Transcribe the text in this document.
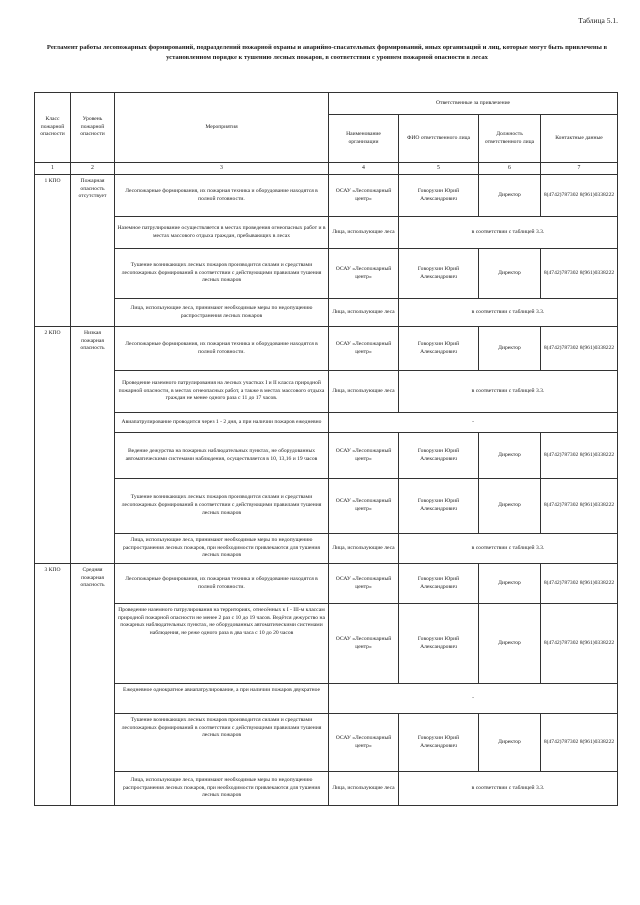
Таблица 5.1.
Регламент работы лесопожарных формирований, подразделений пожарной охраны и аварийно-спасательных формирований, иных организаций и лиц, которые могут быть привлечены в установленном порядке к тушению лесных пожаров, в соответствии с уровнем пожарной опасности в лесах
Класс пожарной опасности	Уровень пожарной опасности	Мероприятия	Ответственные за привлечение			
			Наименование организации	ФИО ответственного лица	Должность ответственного лица	Контактные данные
1	2	3	4	5	6	7
1 КПО	Пожарная опасность отсутствует	Лесопожарные формирования, их пожарная техника и оборудование находятся в полной готовности.	ОСАУ «Лесопожарный центр»	Говорухин Юрий Александрович	Директор	8(4742)787302 8(961)0338222
		Наземное патрулирование осуществляется в местах проведения огнеопасных работ и в местах массового отдыха граждан, пребывающих в лесах	Лица, использующие леса	в соответствии с таблицей 3.3.		
		Тушение возникающих лесных пожаров производится силами и средствами лесопожарных формирований в соответствии с действующими правилами тушения лесных пожаров	ОСАУ «Лесопожарный центр»	Говорухин Юрий Александрович	Директор	8(4742)787302 8(961)0338222
		Лица, использующие леса, принимают необходимые меры по недопущению распространения лесных пожаров	Лица, использующие леса	в соответствии с таблицей 3.3.		
2 КПО	Низкая пожарная опасность	Лесопожарные формирования, их пожарная техника и оборудование находятся в полной готовности.	ОСАУ «Лесопожарный центр»	Говорухин Юрий Александрович	Директор	8(4742)787302 8(961)0338222
		Проведение наземного патрулирования на лесных участках I и II класса природной пожарной опасности, в местах огнеопасных работ, а также в местах массового отдыха граждан не менее одного раза с 11 до 17 часов.	Лица, использующие леса	в соответствии с таблицей 3.3.		
		Авиапатрулирование проводится через 1 - 2 дня, а при наличии пожаров ежедневно	-			
		Ведение дежурства на пожарных наблюдательных пунктах, не оборудованных автоматическими системами наблюдения, осуществляется в 10, 13,16 и 19 часов	ОСАУ «Лесопожарный центр»	Говорухин Юрий Александрович	Директор	8(4742)787302 8(961)0338222
		Тушение возникающих лесных пожаров производится силами и средствами лесопожарных формирований в соответствии с действующими правилами тушения лесных пожаров	ОСАУ «Лесопожарный центр»	Говорухин Юрий Александрович	Директор	8(4742)787302 8(961)0338222
		Лица, использующие леса, принимают необходимые меры по недопущению распространения лесных пожаров, при необходимости привлекаются для тушения лесных пожаров	Лица, использующие леса	в соответствии с таблицей 3.3.		
3 КПО	Средняя пожарная опасность	Лесопожарные формирования, их пожарная техника и оборудование находятся в полной готовности.	ОСАУ «Лесопожарный центр»	Говорухин Юрий Александрович	Директор	8(4742)787302 8(961)0338222
		Проведение наземного патрулирования на территориях, отнесённых к I - III-м классам природной пожарной опасности не менее 2 раз с 10 до 19 часов. Ведётся дежурство на пожарных наблюдательных пунктах, не оборудованных автоматическими системами наблюдения, не реже одного раза в два часа с 10 до 20 часов	ОСАУ «Лесопожарный центр»	Говорухин Юрий Александрович	Директор	8(4742)787302 8(961)0338222
		Ежедневное однократное авиапатрулирование, а при наличии пожаров двукратное	-			
		Тушение возникающих лесных пожаров производится силами и средствами лесопожарных формирований в соответствии с действующими правилами тушения лесных пожаров	ОСАУ «Лесопожарный центр»	Говорухин Юрий Александрович	Директор	8(4742)787302 8(961)0338222
		Лица, использующие леса, принимают необходимые меры по недопущению распространения лесных пожаров, при необходимости привлекаются для тушения лесных пожаров	Лица, использующие леса	в соответствии с таблицей 3.3.		
